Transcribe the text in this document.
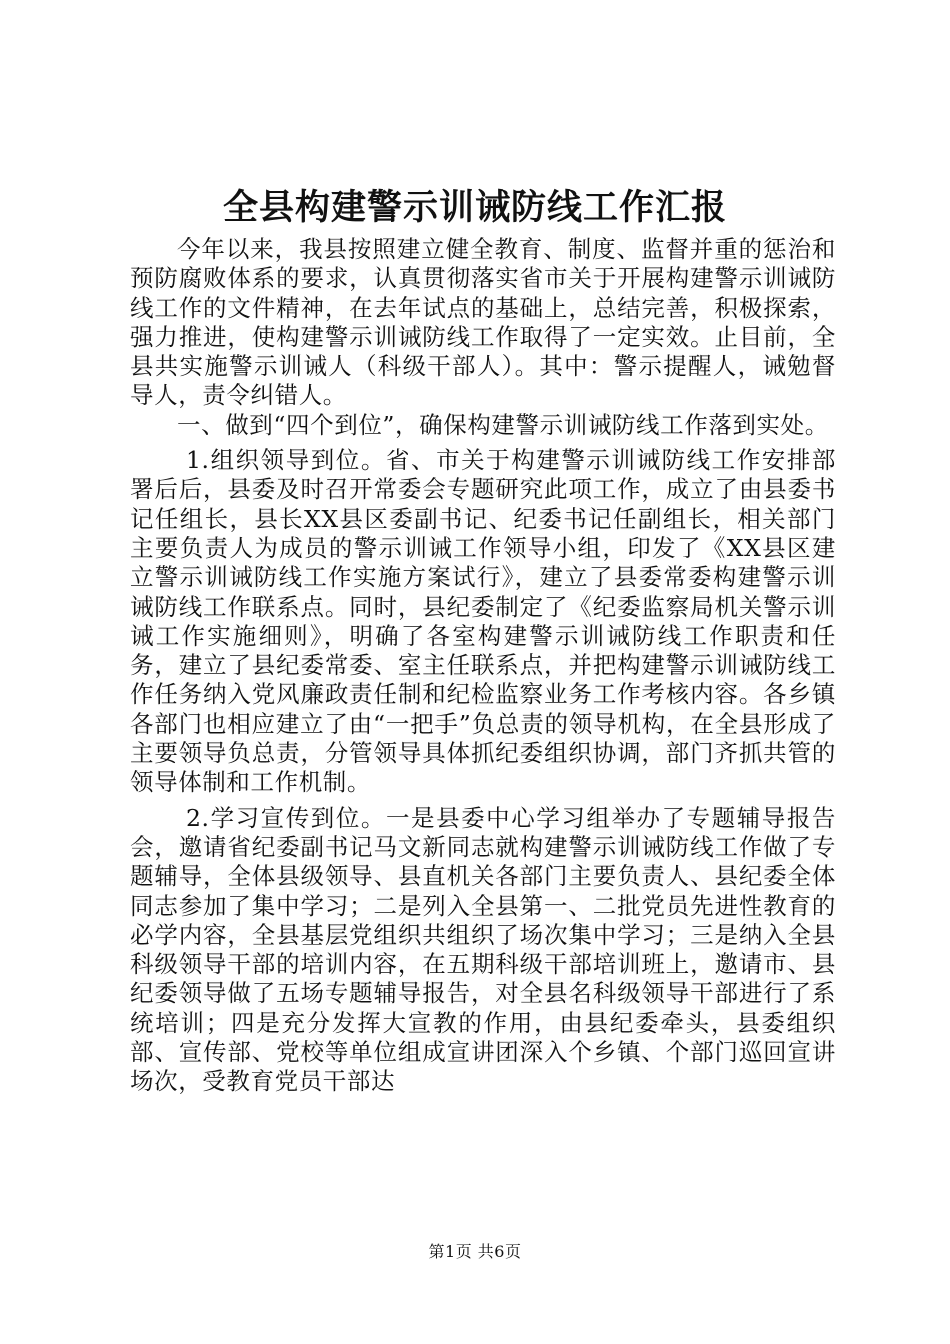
全县构建警示训诫防线工作汇报

今年以来，我县按照建立健全教育、制度、监督并重的惩治和预防腐败体系的要求，认真贯彻落实省市关于开展构建警示训诫防线工作的文件精神，在去年试点的基础上，总结完善，积极探索，强力推进，使构建警示训诫防线工作取得了一定实效。止目前，全县共实施警示训诫人（科级干部人）。其中：警示提醒人，诫勉督导人，责令纠错人。

一、做到“四个到位”，确保构建警示训诫防线工作落到实处。

1.组织领导到位。省、市关于构建警示训诫防线工作安排部署后后，县委及时召开常委会专题研究此项工作，成立了由县委书记任组长，县长XX县区委副书记、纪委书记任副组长，相关部门主要负责人为成员的警示训诫工作领导小组，印发了《XX县区建立警示训诫防线工作实施方案试行》，建立了县委常委构建警示训诫防线工作联系点。同时，县纪委制定了《纪委监察局机关警示训诫工作实施细则》，明确了各室构建警示训诫防线工作职责和任务，建立了县纪委常委、室主任联系点，并把构建警示训诫防线工作任务纳入党风廉政责任制和纪检监察业务工作考核内容。各乡镇各部门也相应建立了由“一把手”负总责的领导机构，在全县形成了主要领导负总责，分管领导具体抓纪委组织协调，部门齐抓共管的领导体制和工作机制。

2.学习宣传到位。一是县委中心学习组举办了专题辅导报告会，邀请省纪委副书记马文新同志就构建警示训诫防线工作做了专题辅导，全体县级领导、县直机关各部门主要负责人、县纪委全体同志参加了集中学习；二是列入全县第一、二批党员先进性教育的必学内容，全县基层党组织共组织了场次集中学习；三是纳入全县科级领导干部的培训内容，在五期科级干部培训班上，邀请市、县纪委领导做了五场专题辅导报告，对全县名科级领导干部进行了系统培训；四是充分发挥大宣教的作用，由县纪委牵头，县委组织部、宣传部、党校等单位组成宣讲团深入个乡镇、个部门巡回宣讲场次，受教育党员干部达

第1页 共6页
